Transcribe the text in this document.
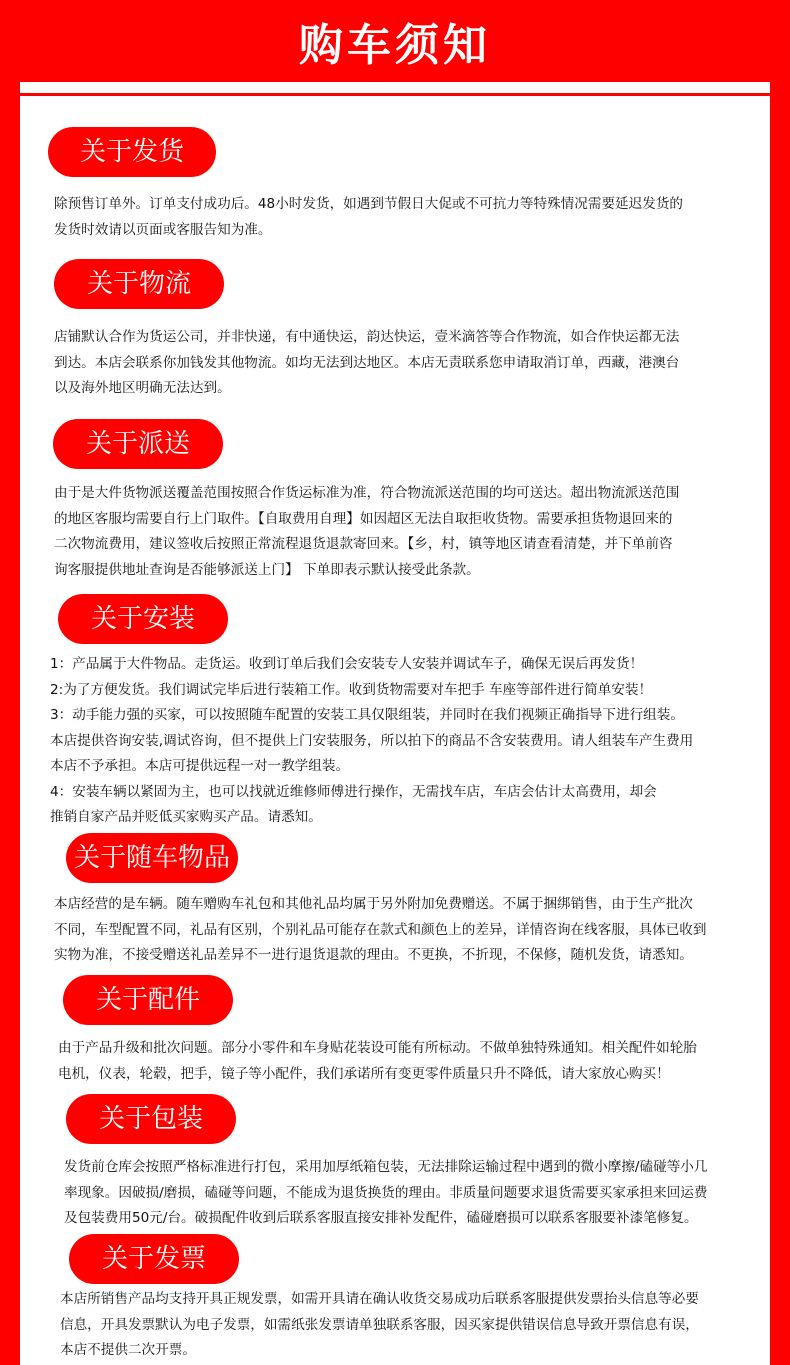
购车须知
关于发货

除预售订单外。订单支付成功后。48小时发货，如遇到节假日大促或不可抗力等特殊情况需要延迟发货的

发货时效请以页面或客服告知为准。

关于物流

店铺默认合作为货运公司，并非快递，有中通快运，韵达快运，壹米滴答等合作物流，如合作快运都无法

到达。本店会联系你加钱发其他物流。如均无法到达地区。本店无责联系您申请取消订单，西藏，港澳台

以及海外地区明确无法达到。

关于派送

由于是大件货物派送覆盖范围按照合作货运标准为准，符合物流派送范围的均可送达。超出物流派送范围

的地区客服均需要自行上门取件。【自取费用自理】如因超区无法自取拒收货物。需要承担货物退回来的

二次物流费用，建议签收后按照正常流程退货退款寄回来。【乡，村，镇等地区请查看清楚，并下单前咨

询客服提供地址查询是否能够派送上门】 下单即表示默认接受此条款。

关于安装

1：产品属于大件物品。走货运。收到订单后我们会安装专人安装并调试车子，确保无误后再发货！

2:为了方便发货。我们调试完毕后进行装箱工作。收到货物需要对车把手 车座等部件进行简单安装！

3：动手能力强的买家，可以按照随车配置的安装工具仅限组装，并同时在我们视频正确指导下进行组装。

本店提供咨询安装,调试咨询，但不提供上门安装服务，所以拍下的商品不含安装费用。请人组装车产生费用

本店不予承担。本店可提供远程一对一教学组装。

4：安装车辆以紧固为主，也可以找就近维修师傅进行操作，无需找车店，车店会估计太高费用，却会

推销自家产品并贬低买家购买产品。请悉知。

关于随车物品

本店经营的是车辆。随车赠购车礼包和其他礼品均属于另外附加免费赠送。不属于捆绑销售，由于生产批次

不同，车型配置不同，礼品有区别，个别礼品可能存在款式和颜色上的差异，详情咨询在线客服，具体已收到

实物为准，不接受赠送礼品差异不一进行退货退款的理由。不更换，不折现，不保修，随机发货，请悉知。

关于配件

由于产品升级和批次问题。部分小零件和车身贴花装设可能有所标动。不做单独特殊通知。相关配件如轮胎

电机，仪表，轮毂，把手，镜子等小配件，我们承诺所有变更零件质量只升不降低，请大家放心购买！

关于包装

发货前仓库会按照严格标准进行打包，采用加厚纸箱包装，无法排除运输过程中遇到的微小摩擦/磕碰等小几

率现象。因破损/磨损，磕碰等问题，不能成为退货换货的理由。非质量问题要求退货需要买家承担来回运费

及包装费用50元/台。破损配件收到后联系客服直接安排补发配件，磕碰磨损可以联系客服要补漆笔修复。

关于发票

本店所销售产品均支持开具正规发票，如需开具请在确认收货交易成功后联系客服提供发票抬头信息等必要

信息，开具发票默认为电子发票，如需纸张发票请单独联系客服，因买家提供错误信息导致开票信息有误，

本店不提供二次开票。
